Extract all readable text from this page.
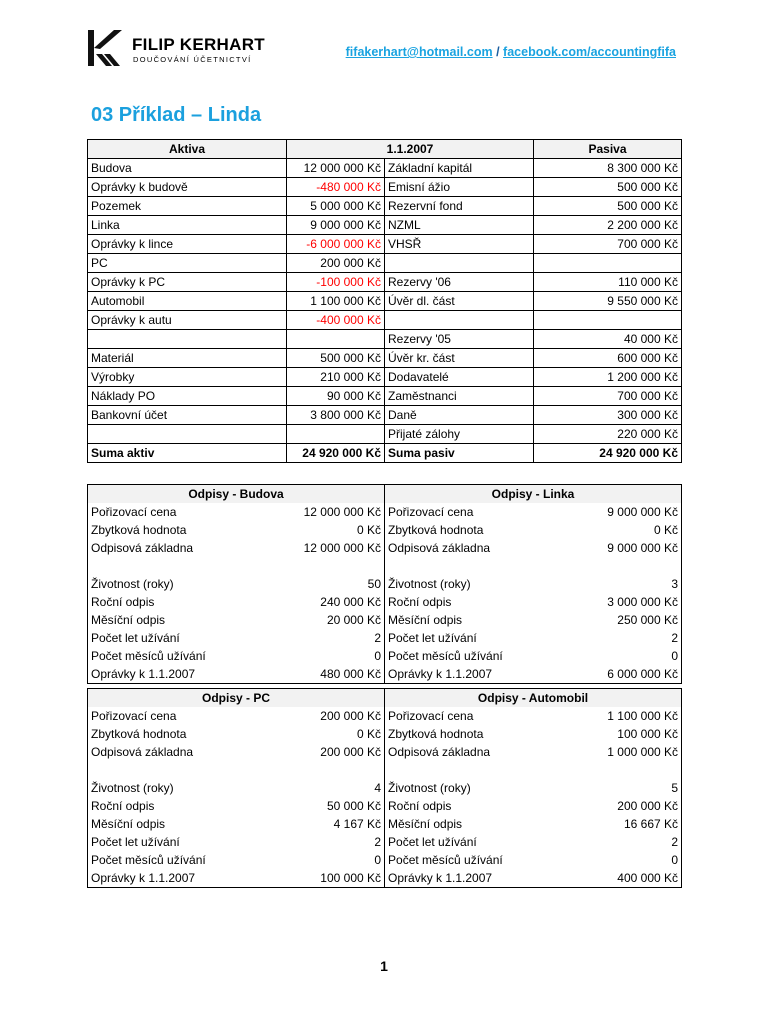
FILIP KERHART
DOUČOVÁNÍ ÚČETNICTVÍ
fifakerhart@hotmail.com / facebook.com/accountingfifa
03 Příklad – Linda
Aktiva	1.1.2007		Pasiva
Budova	12 000 000 Kč	Základní kapitál	8 300 000 Kč
Oprávky k budově	-480 000 Kč	Emisní ážio	500 000 Kč
Pozemek	5 000 000 Kč	Rezervní fond	500 000 Kč
Linka	9 000 000 Kč	NZML	2 200 000 Kč
Oprávky k lince	-6 000 000 Kč	VHSŘ	700 000 Kč
PC	200 000 Kč		
Oprávky k PC	-100 000 Kč	Rezervy '06	110 000 Kč
Automobil	1 100 000 Kč	Úvěr dl. část	9 550 000 Kč
Oprávky k autu	-400 000 Kč		
		Rezervy '05	40 000 Kč
Materiál	500 000 Kč	Úvěr kr. část	600 000 Kč
Výrobky	210 000 Kč	Dodavatelé	1 200 000 Kč
Náklady PO	90 000 Kč	Zaměstnanci	700 000 Kč
Bankovní účet	3 800 000 Kč	Daně	300 000 Kč
		Přijaté zálohy	220 000 Kč
Suma aktiv	24 920 000 Kč	Suma pasiv	24 920 000 Kč
Odpisy - Budova		Odpisy - Linka	
Pořizovací cena	12 000 000 Kč	Pořizovací cena	9 000 000 Kč
Zbytková hodnota	0 Kč	Zbytková hodnota	0 Kč
Odpisová základna	12 000 000 Kč	Odpisová základna	9 000 000 Kč

Životnost (roky)	50	Životnost (roky)	3
Roční odpis	240 000 Kč	Roční odpis	3 000 000 Kč
Měsíční odpis	20 000 Kč	Měsíční odpis	250 000 Kč
Počet let užívání	2	Počet let užívání	2
Počet měsíců užívání	0	Počet měsíců užívání	0
Oprávky k 1.1.2007	480 000 Kč	Oprávky k 1.1.2007	6 000 000 Kč
Odpisy - PC		Odpisy - Automobil	
Pořizovací cena	200 000 Kč	Pořizovací cena	1 100 000 Kč
Zbytková hodnota	0 Kč	Zbytková hodnota	100 000 Kč
Odpisová základna	200 000 Kč	Odpisová základna	1 000 000 Kč

Životnost (roky)	4	Životnost (roky)	5
Roční odpis	50 000 Kč	Roční odpis	200 000 Kč
Měsíční odpis	4 167 Kč	Měsíční odpis	16 667 Kč
Počet let užívání	2	Počet let užívání	2
Počet měsíců užívání	0	Počet měsíců užívání	0
Oprávky k 1.1.2007	100 000 Kč	Oprávky k 1.1.2007	400 000 Kč
1
